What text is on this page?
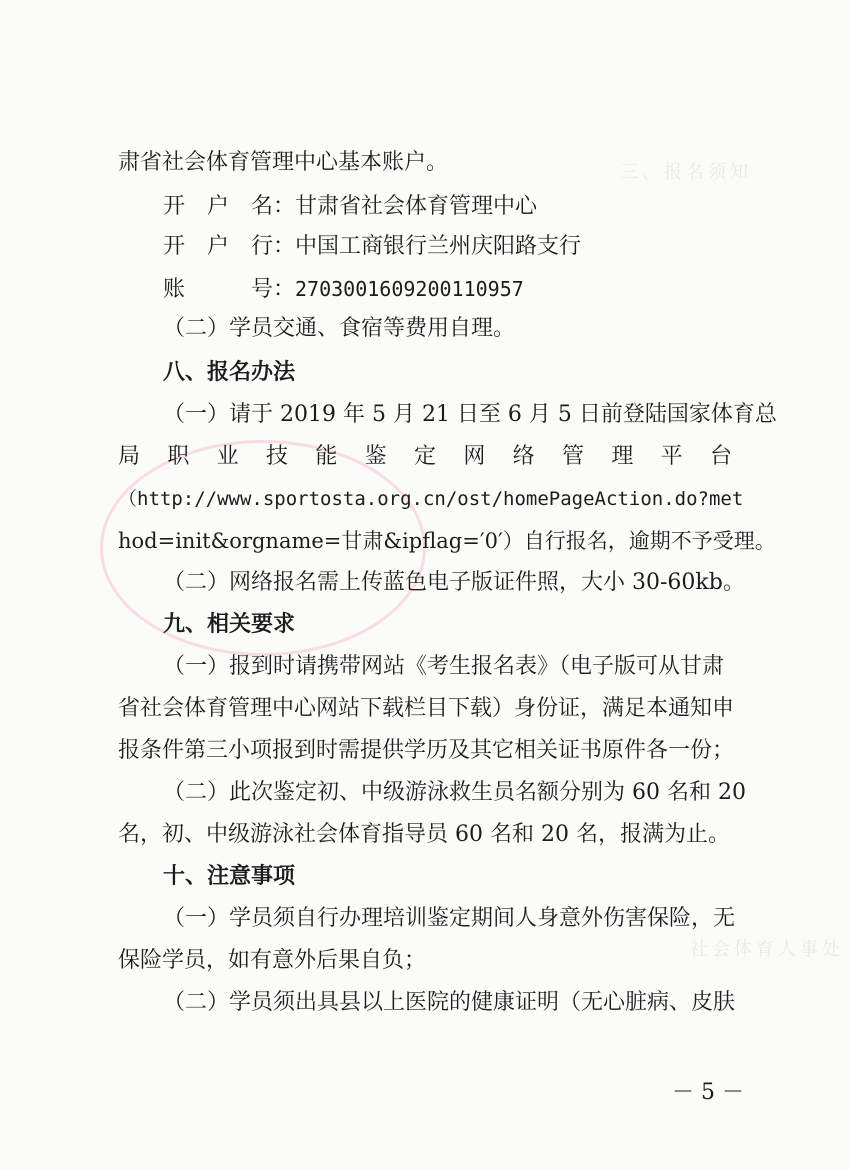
三、报名须知
社会体育人事处
肃省社会体育管理中心基本账户。
开　户　名：甘肃省社会体育管理中心
开　户　行：中国工商银行兰州庆阳路支行
账　　　号：2703001609200110957
（二）学员交通、食宿等费用自理。
八、报名办法
（一）请于 2019 年 5 月 21 日至 6 月 5 日前登陆国家体育总
局 职 业 技 能 鉴 定 网 络 管 理 平 台
（http://www.sportosta.org.cn/ost/homePageAction.do?met
hod=init&orgname=甘肃&ipflag=′0′）自行报名，逾期不予受理。
（二）网络报名需上传蓝色电子版证件照，大小 30-60kb。
九、相关要求
（一）报到时请携带网站《考生报名表》（电子版可从甘肃
省社会体育管理中心网站下载栏目下载）身份证，满足本通知申
报条件第三小项报到时需提供学历及其它相关证书原件各一份；
（二）此次鉴定初、中级游泳救生员名额分别为 60 名和 20
名，初、中级游泳社会体育指导员 60 名和 20 名，报满为止。
十、注意事项
（一）学员须自行办理培训鉴定期间人身意外伤害保险，无
保险学员，如有意外后果自负；
（二）学员须出具县以上医院的健康证明（无心脏病、皮肤
－ 5 －
